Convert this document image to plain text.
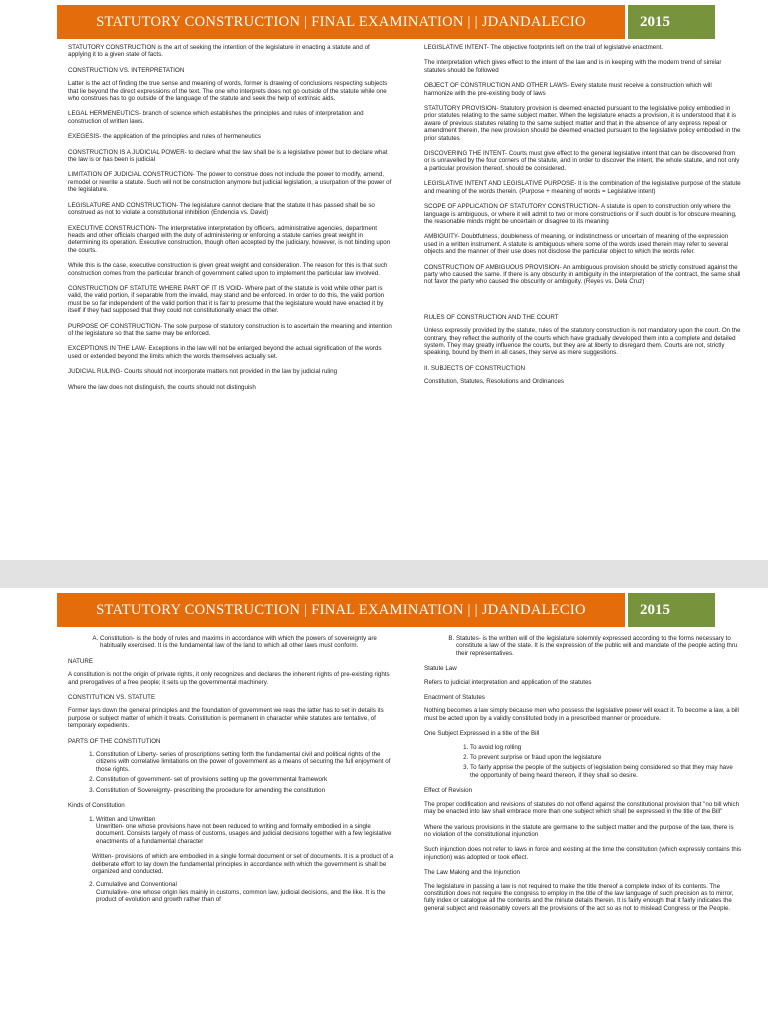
STATUTORY CONSTRUCTION | FINAL EXAMINATION | | JDANDALECIO	2015

STATUTORY CONSTRUCTION is the art of seeking the intention of the legislature in enacting a statute and of applying it to a given state of facts.

CONSTRUCTION VS. INTERPRETATION

Latter is the act of finding the true sense and meaning of words, former is drawing of conclusions respecting subjects that lie beyond the direct expressions of the text. The one who interprets does not go outside of the statute while one who construes has to go outside of the language of the statute and seek the help of extrinsic aids.

LEGAL HERMENEUTICS- branch of science which establishes the principles and rules of interpretation and construction of written laws.

EXEGESIS- the application of the principles and rules of hermeneutics

CONSTRUCTION IS A JUDICIAL POWER- to declare what the law shall be is a legislative power but to declare what the law is or has been is judicial

LIMITATION OF JUDICIAL CONSTRUCTION- The power to construe does not include the power to modify, amend, remodel or rewrite a statute. Such will not be construction anymore but judicial legislation, a usurpation of the power of the legislature.

LEGISLATURE AND CONSTRUCTION- The legislature cannot declare that the statute it has passed shall be so construed as not to violate a constitutional inhibition (Endencia vs. David)

EXECUTIVE CONSTRUCTION- The interpretative interpretation by officers, administrative agencies, department heads and other officials charged with the duty of administering or enforcing a statute carries great weight in determining its operation. Executive construction, though often accepted by the judiciary, however, is not binding upon the courts.

While this is the case, executive construction is given great weight and consideration. The reason for this is that such construction comes from the particular branch of government called upon to implement the particular law involved.

CONSTRUCTION OF STATUTE WHERE PART OF IT IS VOID- Where part of the statute is void while other part is valid, the valid portion, if separable from the invalid, may stand and be enforced. In order to do this, the valid portion must be so far independent of the valid portion that it is fair to presume that the legislature would have enacted it by itself if they had supposed that they could not constitutionally enact the other.

PURPOSE OF CONSTRUCTION- The sole purpose of statutory construction is to ascertain the meaning and intention of the legislature so that the same may be enforced.

EXCEPTIONS IN THE LAW- Exceptions in the law will not be enlarged beyond the actual signification of the words used or extended beyond the limits which the words themselves actually set.

JUDICIAL RULING- Courts should not incorporate matters not provided in the law by judicial ruling

Where the law does not distinguish, the courts should not distinguish

LEGISLATIVE INTENT- The objective footprints left on the trail of legislative enactment.

The interpretation which gives effect to the intent of the law and is in keeping with the modern trend of similar statutes should be followed

OBJECT OF CONSTRUCTION AND OTHER LAWS- Every statute must receive a construction which will harmonize with the pre-existing body of laws

STATUTORY PROVISION- Statutory provision is deemed enacted pursuant to the legislative policy embodied in prior statutes relating to the same subject matter. When the legislature enacts a provision, it is understood that it is aware of previous statutes relating to the same subject matter and that in the absence of any express repeal or amendment therein, the new provision should be deemed enacted pursuant to the legislative policy embodied in the prior statutes

DISCOVERING THE INTENT- Courts must give effect to the general legislative intent that can be discovered from or is unravelled by the four corners of the statute, and in order to discover the intent, the whole statute, and not only a particular provision thereof, should be considered.

LEGISLATIVE INTENT AND LEGISLATIVE PURPOSE- It is the combination of the legislative purpose of the statute and meaning of the words therein. (Purpose + meaning of words = Legislative intent)

SCOPE OF APPLICATION OF STATUTORY CONSTRUCTION- A statute is open to construction only where the language is ambiguous, or where it will admit to two or more constructions or if such doubt is for obscure meaning, the reasonable minds might be uncertain or disagree to its meaning

AMBIGUITY- Doubtfulness, doubleness of meaning, or indistinctness or uncertain of meaning of the expression used in a written instrument. A statute is ambiguous where some of the words used therein may refer to several objects and the manner of their use does not disclose the particular object to which the words refer.

CONSTRUCTION OF AMBIGUOUS PROVISION- An ambiguous provision should be strictly construed against the party who caused the same. If there is any obscurity in ambiguity in the interpretation of the contract, the same shall not favor the party who caused the obscurity or ambiguity. (Reyes vs. Dela Cruz)

RULES OF CONSTRUCTION AND THE COURT

Unless expressly provided by the statute, rules of the statutory construction is not mandatory upon the court. On the contrary, they reflect the authority of the courts which have gradually developed them into a complete and detailed system. They may greatly influence the courts, but they are at liberty to disregard them. Courts are not, strictly speaking, bound by them in all cases, they serve as mere suggestions.

II. SUBJECTS OF CONSTRUCTION

Constitution, Statutes, Resolutions and Ordinances

STATUTORY CONSTRUCTION | FINAL EXAMINATION | | JDANDALECIO	2015
A. Constitution- is the body of rules and maxims in accordance with which the powers of sovereignty are habitually exercised. It is the fundamental law of the land to which all other laws must conform.

NATURE

A constitution is not the origin of private rights, it only recognizes and declares the inherent rights of pre-existing rights and prerogatives of a free people; it sets up the governmental machinery.

CONSTITUTION VS. STATUTE

Former lays down the general principles and the foundation of government we reas the latter has to set in details its purpose or subject matter of which it treats. Constitution is permanent in character while statutes are tentative, of temporary expedients.

PARTS OF THE CONSTITUTION

1. Constitution of Liberty- series of proscriptions setting forth the fundamental civil and political rights of the citizens with correlative limitations on the power of government as a means of securing the full enjoyment of those rights.
2. Constitution of government- set of provisions setting up the governmental framework
3. Constitution of Sovereignty- prescribing the procedure for amending the constitution

Kinds of Constitution

1. Written and Unwritten
Unwritten- one whose provisions have not been reduced to writing and formally embodied in a single document. Consists largely of mass of customs, usages and judicial decisions together with a few legislative enactments of a fundamental character

Written- provisions of which are embodied in a single formal document or set of documents. It is a product of a deliberate effort to lay down the fundamental principles in accordance with which the government is shall be organized and conducted.

2. Cumulative and Conventional
Cumulative- one whose origin lies mainly in customs, common law, judicial decisions, and the like. It is the product of evolution and growth rather than of
B. Statutes- is the written will of the legislature solemnly expressed according to the forms necessary to constitute a law of the state. It is the expression of the public will and mandate of the people acting thru their representatives.

Statute Law

Refers to judicial interpretation and application of the statutes

Enactment of Statutes

Nothing becomes a law simply because men who possess the legislative power will exact it. To become a law, a bill must be acted upon by a validly constituted body in a prescribed manner or procedure.

One Subject Expressed in a title of the Bill

1. To avoid log rolling
2. To prevent surprise or fraud upon the legislature
3. To fairly apprise the people of the subjects of legislation being considered so that they may have the opportunity of being heard thereon, if they shall so desire.

Effect of Revision

The proper codification and revisions of statutes do not offend against the constitutional provision that "no bill which may be enacted into law shall embrace more than one subject which shall be expressed in the title of the Bill"

Where the various provisions in the statute are germane to the subject matter and the purpose of the law, there is no violation of the constitutional injunction

Such injunction does not refer to laws in force and existing at the time the constitution (which expressly contains this injunction) was adopted or took effect.

The Law Making and the Injunction

The legislature in passing a law is not required to make the title thereof a complete index of its contents. The constitution does not require the congress to employ in the title of the law language of such precision as to mirror, fully index or catalogue all the contents and the minute details therein. It is fairly enough that it fairly indicates the general subject and reasonably covers all the provisions of the act so as not to mislead Congress or the People.
